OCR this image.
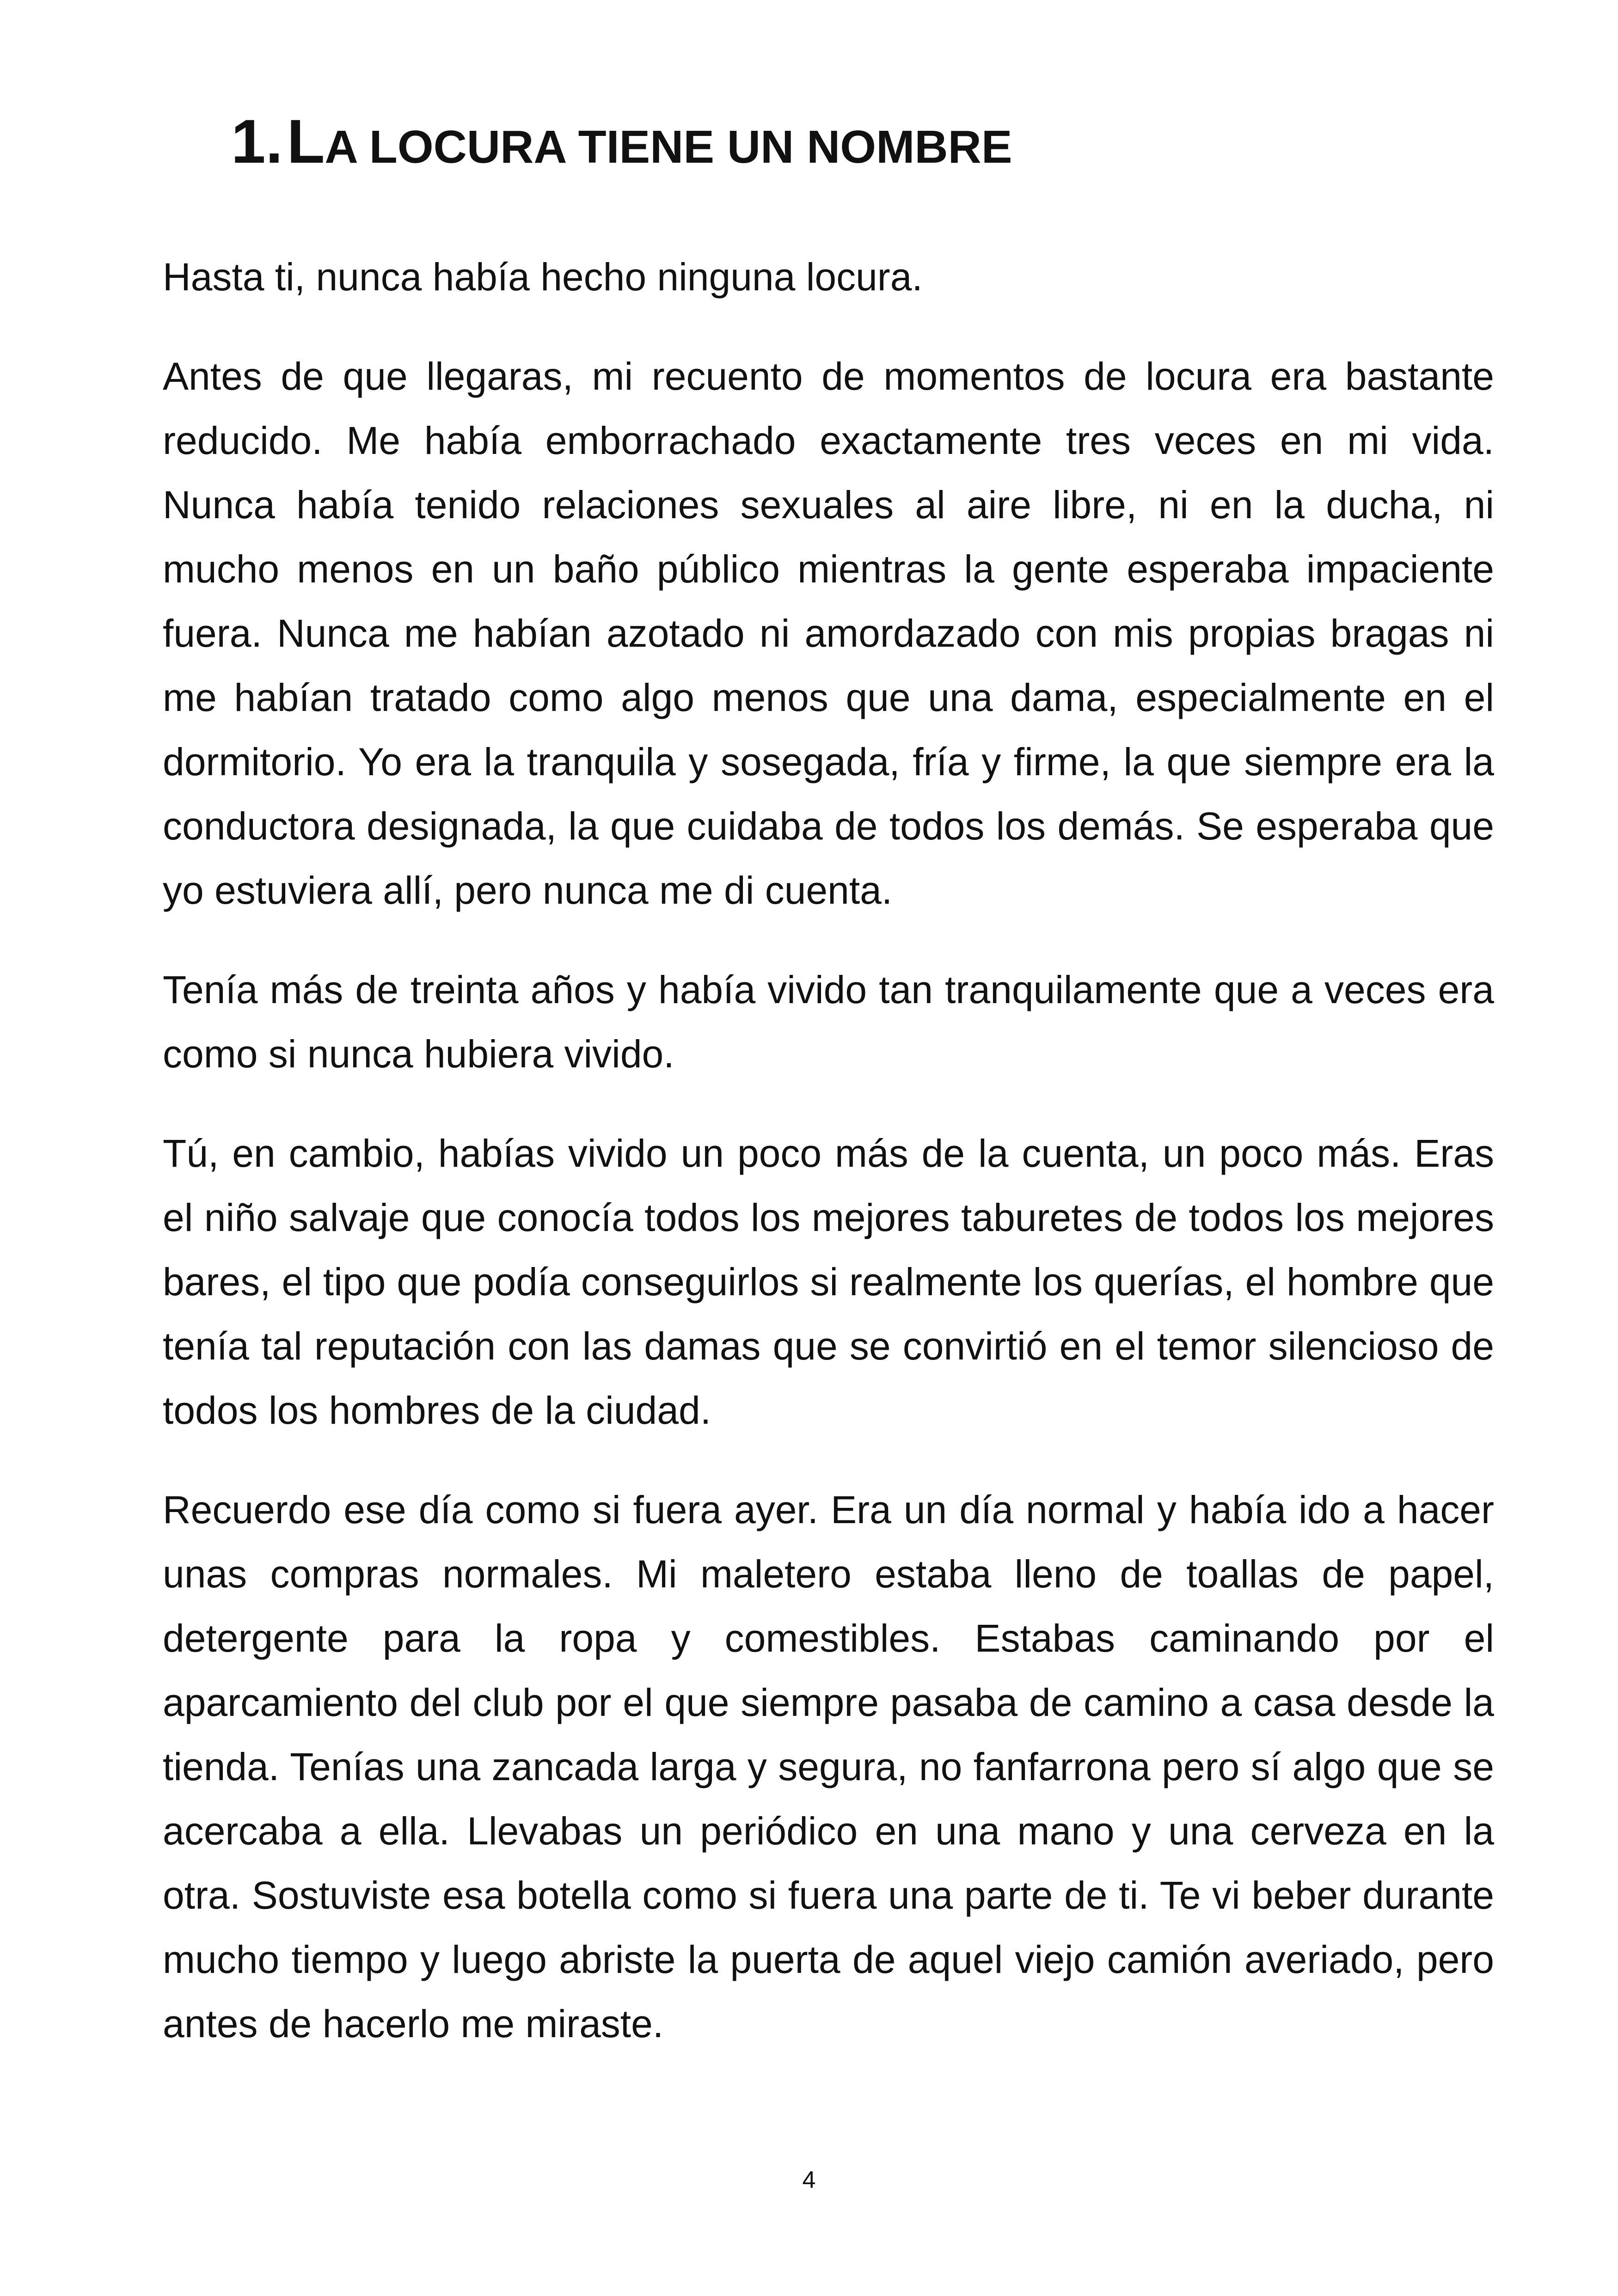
1. LA LOCURA TIENE UN NOMBRE

Hasta ti, nunca había hecho ninguna locura.

Antes de que llegaras, mi recuento de momentos de locura era bastante reducido. Me había emborrachado exactamente tres veces en mi vida. Nunca había tenido relaciones sexuales al aire libre, ni en la ducha, ni mucho menos en un baño público mientras la gente esperaba impaciente fuera. Nunca me habían azotado ni amordazado con mis propias bragas ni me habían tratado como algo menos que una dama, especialmente en el dormitorio. Yo era la tranquila y sosegada, fría y firme, la que siempre era la conductora designada, la que cuidaba de todos los demás. Se esperaba que yo estuviera allí, pero nunca me di cuenta.

Tenía más de treinta años y había vivido tan tranquilamente que a veces era como si nunca hubiera vivido.

Tú, en cambio, habías vivido un poco más de la cuenta, un poco más. Eras el niño salvaje que conocía todos los mejores taburetes de todos los mejores bares, el tipo que podía conseguirlos si realmente los querías, el hombre que tenía tal reputación con las damas que se convirtió en el temor silencioso de todos los hombres de la ciudad.

Recuerdo ese día como si fuera ayer. Era un día normal y había ido a hacer unas compras normales. Mi maletero estaba lleno de toallas de papel, detergente para la ropa y comestibles. Estabas caminando por el aparcamiento del club por el que siempre pasaba de camino a casa desde la tienda. Tenías una zancada larga y segura, no fanfarrona pero sí algo que se acercaba a ella. Llevabas un periódico en una mano y una cerveza en la otra. Sostuviste esa botella como si fuera una parte de ti. Te vi beber durante mucho tiempo y luego abriste la puerta de aquel viejo camión averiado, pero antes de hacerlo me miraste.

4
